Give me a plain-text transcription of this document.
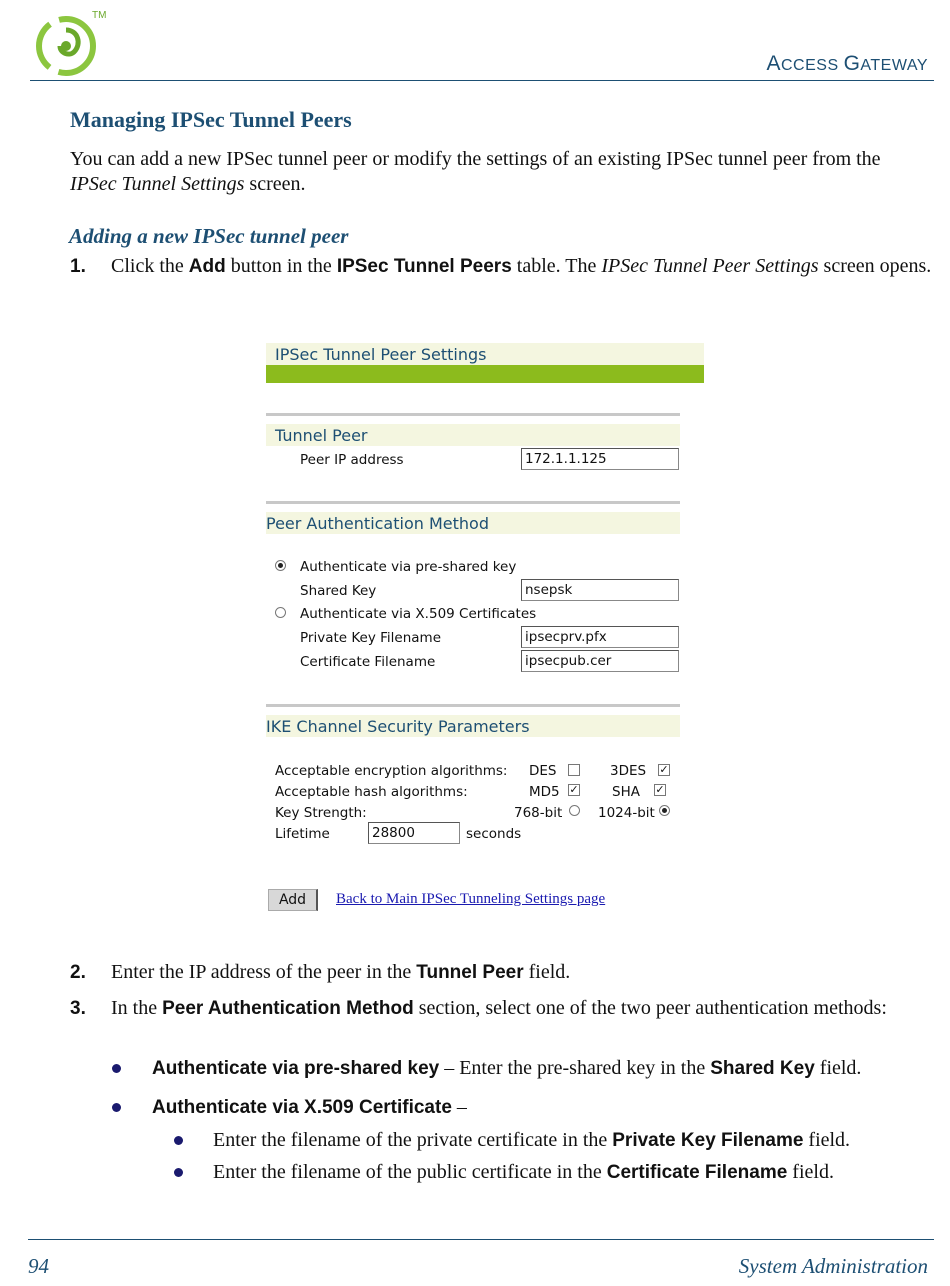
TM
ACCESS GATEWAY
Managing IPSec Tunnel Peers
You can add a new IPSec tunnel peer or modify the settings of an existing IPSec tunnel peer from the IPSec Tunnel Settings screen.
Adding a new IPSec tunnel peer
1. Click the Add button in the IPSec Tunnel Peers table. The IPSec Tunnel Peer Settings screen opens.
IPSec Tunnel Peer Settings
Tunnel Peer
Peer IP address	172.1.1.125
Peer Authentication Method
Authenticate via pre-shared key
Shared Key	nsepsk
Authenticate via X.509 Certificates
Private Key Filename	ipsecprv.pfx
Certificate Filename	ipsecpub.cer
IKE Channel Security Parameters
Acceptable encryption algorithms: DES	3DES ✓
Acceptable hash algorithms:	MD5 ✓ SHA ✓
Key Strength:	768-bit	1024-bit
Lifetime	28800	seconds
Add	Back to Main IPSec Tunneling Settings page
2. Enter the IP address of the peer in the Tunnel Peer field.
3. In the Peer Authentication Method section, select one of the two peer authentication methods:
Authenticate via pre-shared key – Enter the pre-shared key in the Shared Key field.
Authenticate via X.509 Certificate –
Enter the filename of the private certificate in the Private Key Filename field.
Enter the filename of the public certificate in the Certificate Filename field.
94	System Administration
